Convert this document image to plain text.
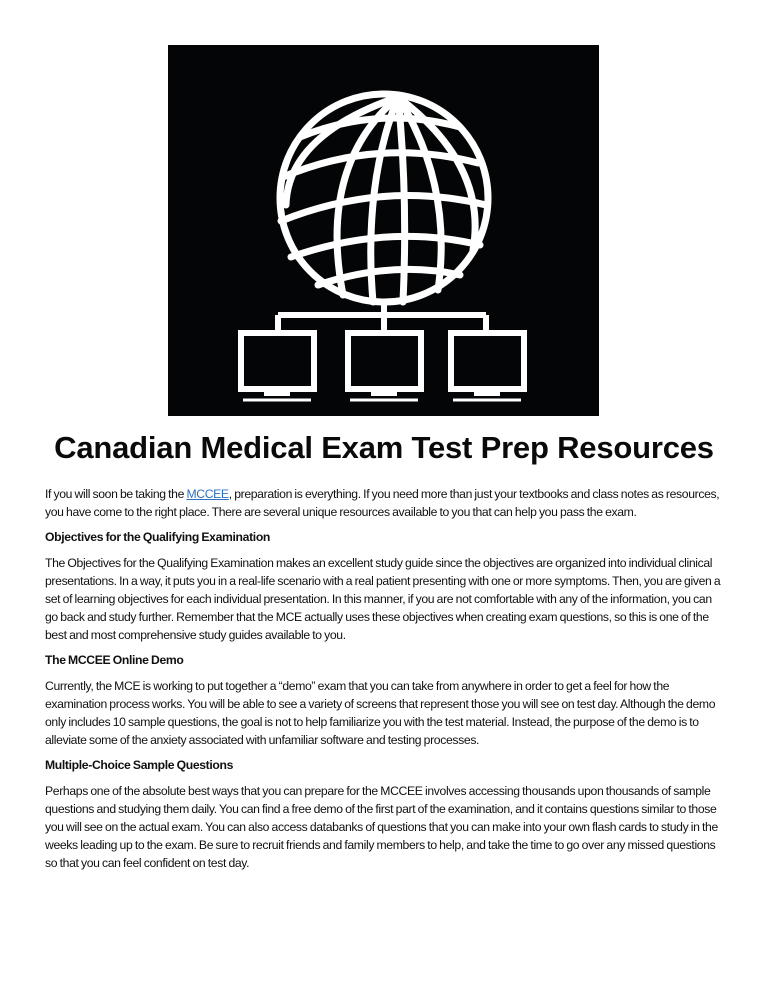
Canadian Medical Exam Test Prep Resources

If you will soon be taking the MCCEE, preparation is everything. If you need more than just your textbooks and class notes as resources, you have come to the right place. There are several unique resources available to you that can help you pass the exam.

Objectives for the Qualifying Examination

The Objectives for the Qualifying Examination makes an excellent study guide since the objectives are organized into individual clinical presentations. In a way, it puts you in a real-life scenario with a real patient presenting with one or more symptoms. Then, you are given a set of learning objectives for each individual presentation. In this manner, if you are not comfortable with any of the information, you can go back and study further. Remember that the MCE actually uses these objectives when creating exam questions, so this is one of the best and most comprehensive study guides available to you.

The MCCEE Online Demo

Currently, the MCE is working to put together a “demo” exam that you can take from anywhere in order to get a feel for how the examination process works. You will be able to see a variety of screens that represent those you will see on test day. Although the demo only includes 10 sample questions, the goal is not to help familiarize you with the test material. Instead, the purpose of the demo is to alleviate some of the anxiety associated with unfamiliar software and testing processes.

Multiple-Choice Sample Questions

Perhaps one of the absolute best ways that you can prepare for the MCCEE involves accessing thousands upon thousands of sample questions and studying them daily. You can find a free demo of the first part of the examination, and it contains questions similar to those you will see on the actual exam. You can also access databanks of questions that you can make into your own flash cards to study in the weeks leading up to the exam. Be sure to recruit friends and family members to help, and take the time to go over any missed questions so that you can feel confident on test day.
